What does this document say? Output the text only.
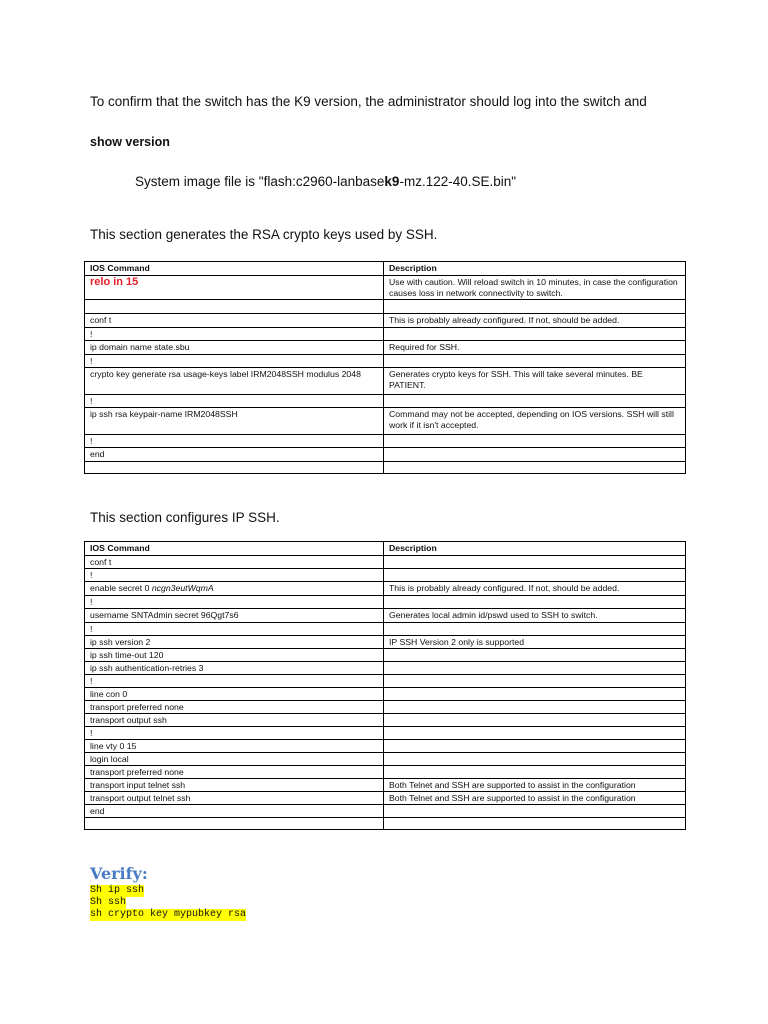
To confirm that the switch has the K9 version, the administrator should log into the switch and
show version
System image file is "flash:c2960-lanbasek9-mz.122-40.SE.bin"
This section generates the RSA crypto keys used by SSH.
IOS Command	Description
relo in 15	Use with caution. Will reload switch in 10 minutes, in case the configuration causes loss in network connectivity to switch.

conf t	This is probably already configured. If not, should be added.
!	
ip domain name state.sbu	Required for SSH.
!	
crypto key generate rsa usage-keys label IRM2048SSH modulus 2048	Generates crypto keys for SSH. This will take several minutes. BE PATIENT.
!	
ip ssh rsa keypair-name IRM2048SSH	Command may not be accepted, depending on IOS versions. SSH will still work if it isn't accepted.
!	
end	

This section configures IP SSH.
IOS Command	Description
conf t	
!	
enable secret 0 ncgn3eutWqmA	This is probably already configured. If not, should be added.
!	
username SNTAdmin secret 96Qgt7s6	Generates local admin id/pswd used to SSH to switch.
!	
ip ssh version 2	IP SSH Version 2 only is supported
ip ssh time-out 120	
ip ssh authentication-retries 3	
!	
line con 0	
transport preferred none	
transport output ssh	
!	
line vty 0 15	
login local	
transport preferred none	
transport input telnet ssh	Both Telnet and SSH are supported to assist in the configuration
transport output telnet ssh	Both Telnet and SSH are supported to assist in the configuration
end	

Verify:
Sh ip ssh
Sh ssh
sh crypto key mypubkey rsa
